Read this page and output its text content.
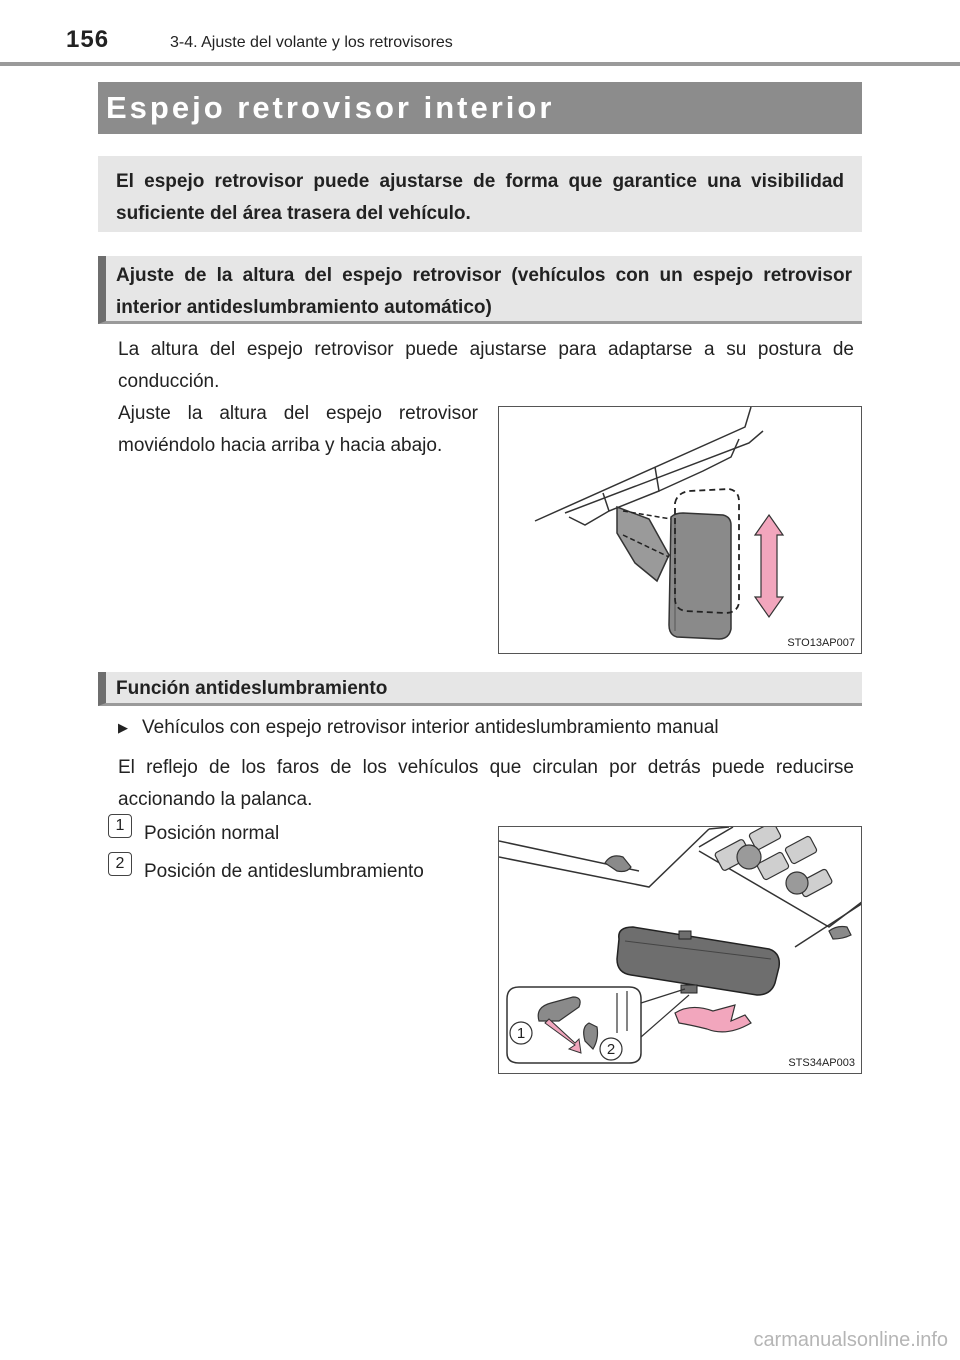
156	3-4. Ajuste del volante y los retrovisores
Espejo retrovisor interior
El espejo retrovisor puede ajustarse de forma que garantice una visibilidad suficiente del área trasera del vehículo.
Ajuste de la altura del espejo retrovisor (vehículos con un espejo retrovisor interior antideslumbramiento automático)

La altura del espejo retrovisor puede ajustarse para adaptarse a su postura de conducción.

Ajuste la altura del espejo retrovisor moviéndolo hacia arriba y hacia abajo.

STO13AP007
Función antideslumbramiento
▶ Vehículos con espejo retrovisor interior antideslumbramiento manual

El reflejo de los faros de los vehículos que circulan por detrás puede reducirse accionando la palanca.

1 Posición normal
2 Posición de antideslumbramiento
1
2
STS34AP003
carmanualsonline.info
